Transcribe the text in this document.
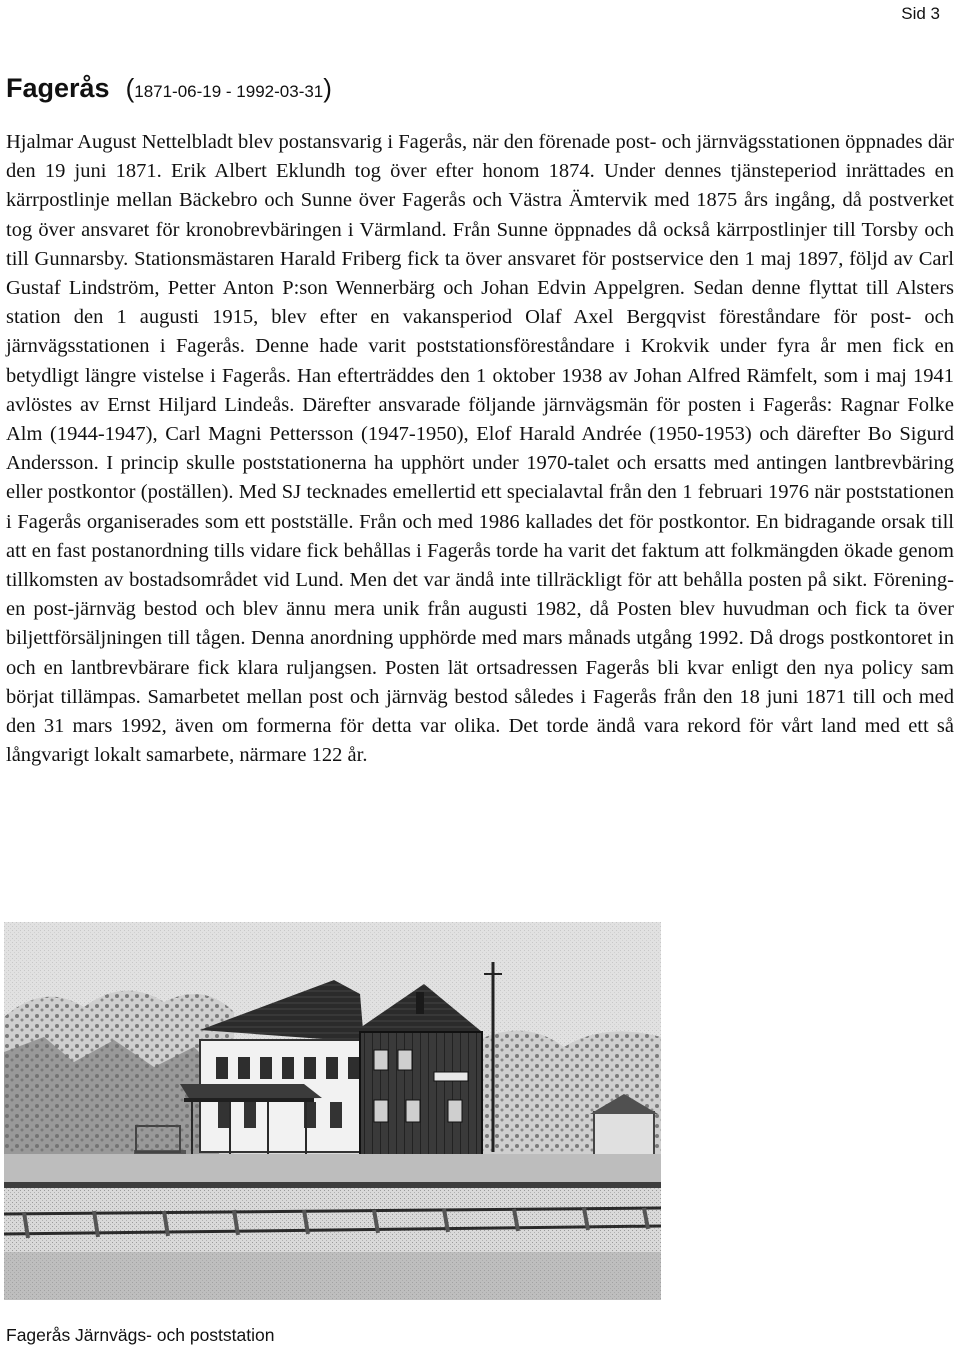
Sid 3
Fagerås (1871-06-19 - 1992-03-31)

Hjalmar August Nettelbladt blev postansvarig i Fagerås, när den förenade post- och järnvägsstationen öppnades där den 19 juni 1871. Erik Albert Eklundh tog över efter honom 1874. Under dennes tjänsteperiod inrättades en kärrpostlinje mellan Bäckebro och Sunne över Fagerås och Västra Ämtervik med 1875 års ingång, då postverket tog över ansvaret för kronobrevbäringen i Värmland. Från Sunne öppnades då också kärrpostlinjer till Torsby och till Gunnarsby. Stationsmästaren Harald Friberg fick ta över ansvaret för postservice den 1 maj 1897, följd av Carl Gustaf Lindström, Petter Anton P:son Wennerbärg och Johan Edvin Appelgren. Sedan denne flyttat till Alsters station den 1 augusti 1915, blev efter en vakansperiod Olaf Axel Bergqvist föreståndare för post- och järnvägsstationen i Fagerås. Denne hade varit poststationsföreståndare i Krokvik under fyra år men fick en betydligt längre vistelse i Fagerås. Han efterträddes den 1 oktober 1938 av Johan Alfred Rämfelt, som i maj 1941 avlöstes av Ernst Hiljard Lindeås. Därefter ansvarade följande järnvägsmän för posten i Fagerås: Ragnar Folke Alm (1944-1947), Carl Magni Pettersson (1947-1950), Elof Harald Andrée (1950-1953) och därefter Bo Sigurd Andersson. I princip skulle poststationerna ha upphört under 1970-talet och ersatts med antingen lantbrevbäring eller postkontor (poställen). Med SJ tecknades emellertid ett specialavtal från den 1 februari 1976 när poststationen i Fagerås organiserades som ett postställe. Från och med 1986 kallades det för postkontor. En bidragande orsak till att en fast postanordning tills vidare fick behållas i Fagerås torde ha varit det faktum att folkmängden ökade genom tillkomsten av bostadsområdet vid Lund. Men det var ändå inte tillräckligt för att behålla posten på sikt. Föreningen post-järnväg bestod och blev ännu mera unik från augusti 1982, då Posten blev huvudman och fick ta över biljettförsäljningen till tågen. Denna anordning upphörde med mars månads utgång 1992. Då drogs postkontoret in och en lantbrevbärare fick klara ruljangsen. Posten lät ortsadressen Fagerås bli kvar enligt den nya policy sam börjat tillämpas. Samarbetet mellan post och järnväg bestod således i Fagerås från den 18 juni 1871 till och med den 31 mars 1992, även om formerna för detta var olika. Det torde ändå vara rekord för vårt land med ett så långvarigt lokalt samarbete, närmare 122 år.

Fagerås Järnvägs- och poststation
